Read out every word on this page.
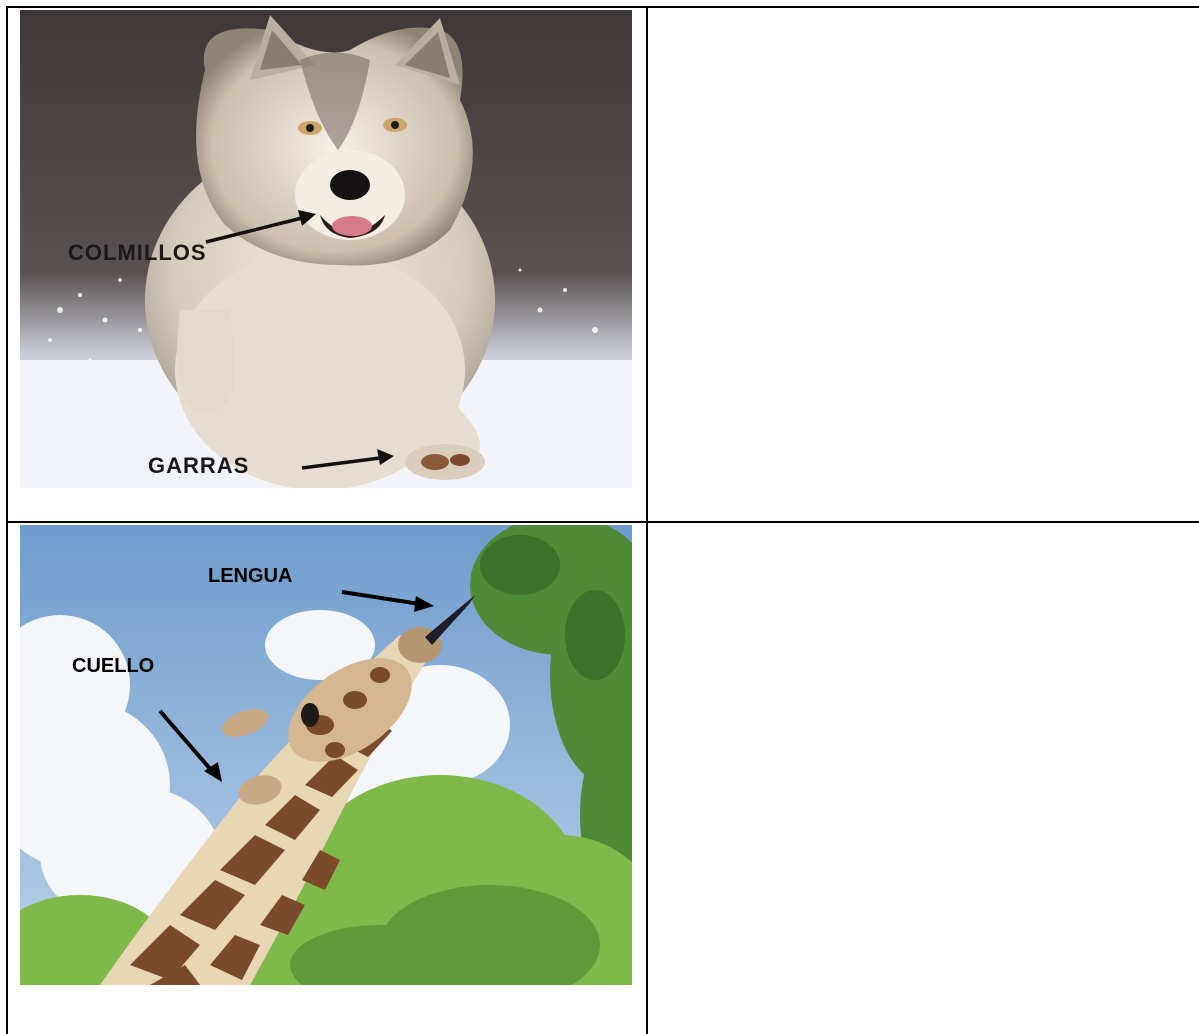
COLMILLOS
GARRAS
LENGUA
CUELLO
